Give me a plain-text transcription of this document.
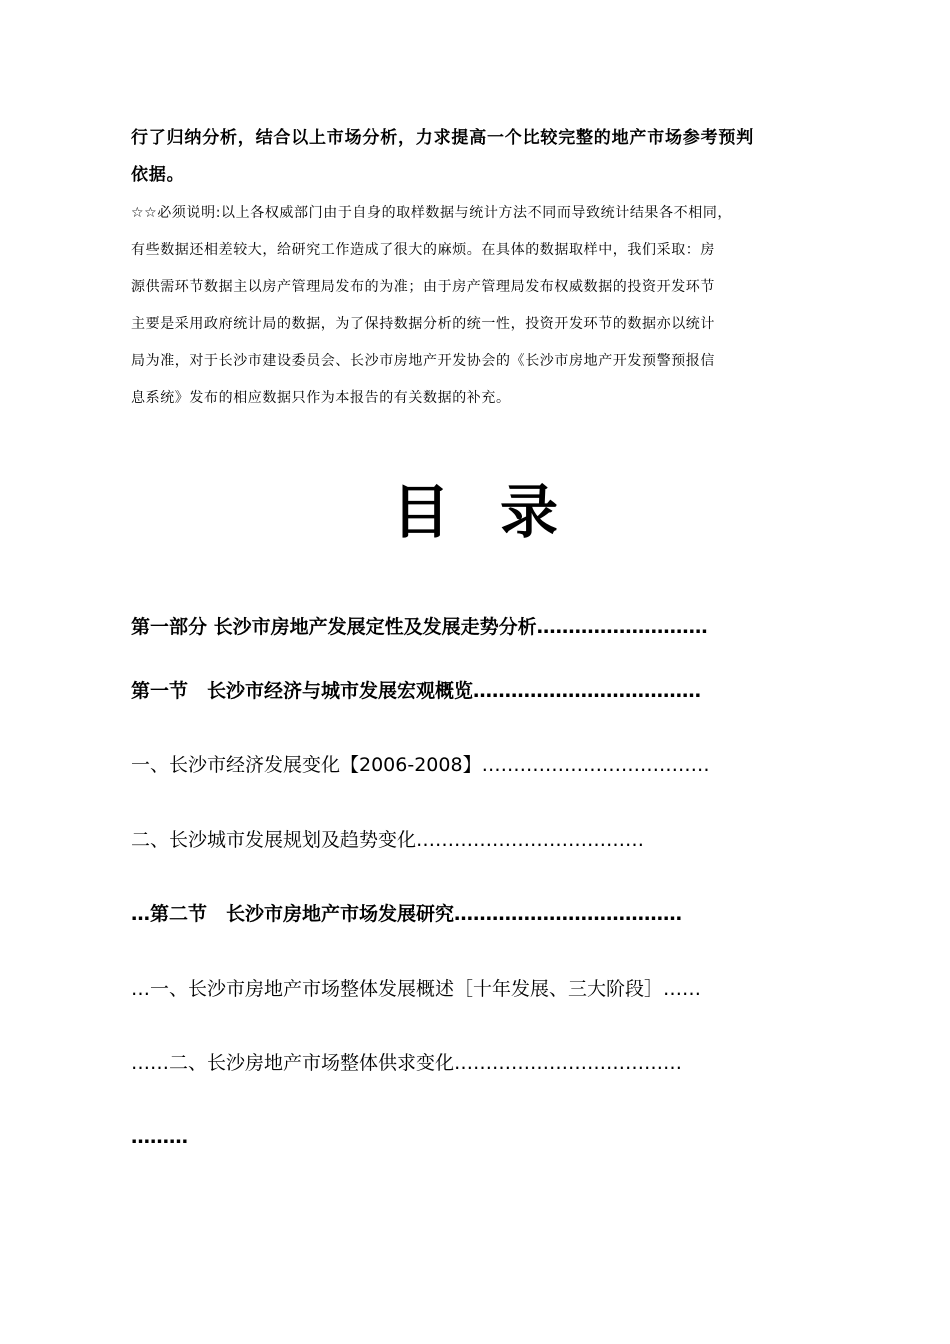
行了归纳分析，结合以上市场分析，力求提高一个比较完整的地产市场参考预判
依据。
☆☆必须说明:以上各权威部门由于自身的取样数据与统计方法不同而导致统计结果各不相同，
有些数据还相差较大，给研究工作造成了很大的麻烦。在具体的数据取样中，我们采取：房
源供需环节数据主以房产管理局发布的为准；由于房产管理局发布权威数据的投资开发环节
主要是采用政府统计局的数据，为了保持数据分析的统一性，投资开发环节的数据亦以统计
局为准，对于长沙市建设委员会、长沙市房地产开发协会的《长沙市房地产开发预警预报信
息系统》发布的相应数据只作为本报告的有关数据的补充。
目录
第一部分 长沙市房地产发展定性及发展走势分析………………………
第一节　长沙市经济与城市发展宏观概览………………………………
一、长沙市经济发展变化【2006-2008】………………………………
二、长沙城市发展规划及趋势变化………………………………
…第二节　长沙市房地产市场发展研究………………………………
…一、长沙市房地产市场整体发展概述［十年发展、三大阶段］……
……二、长沙房地产市场整体供求变化………………………………
………
